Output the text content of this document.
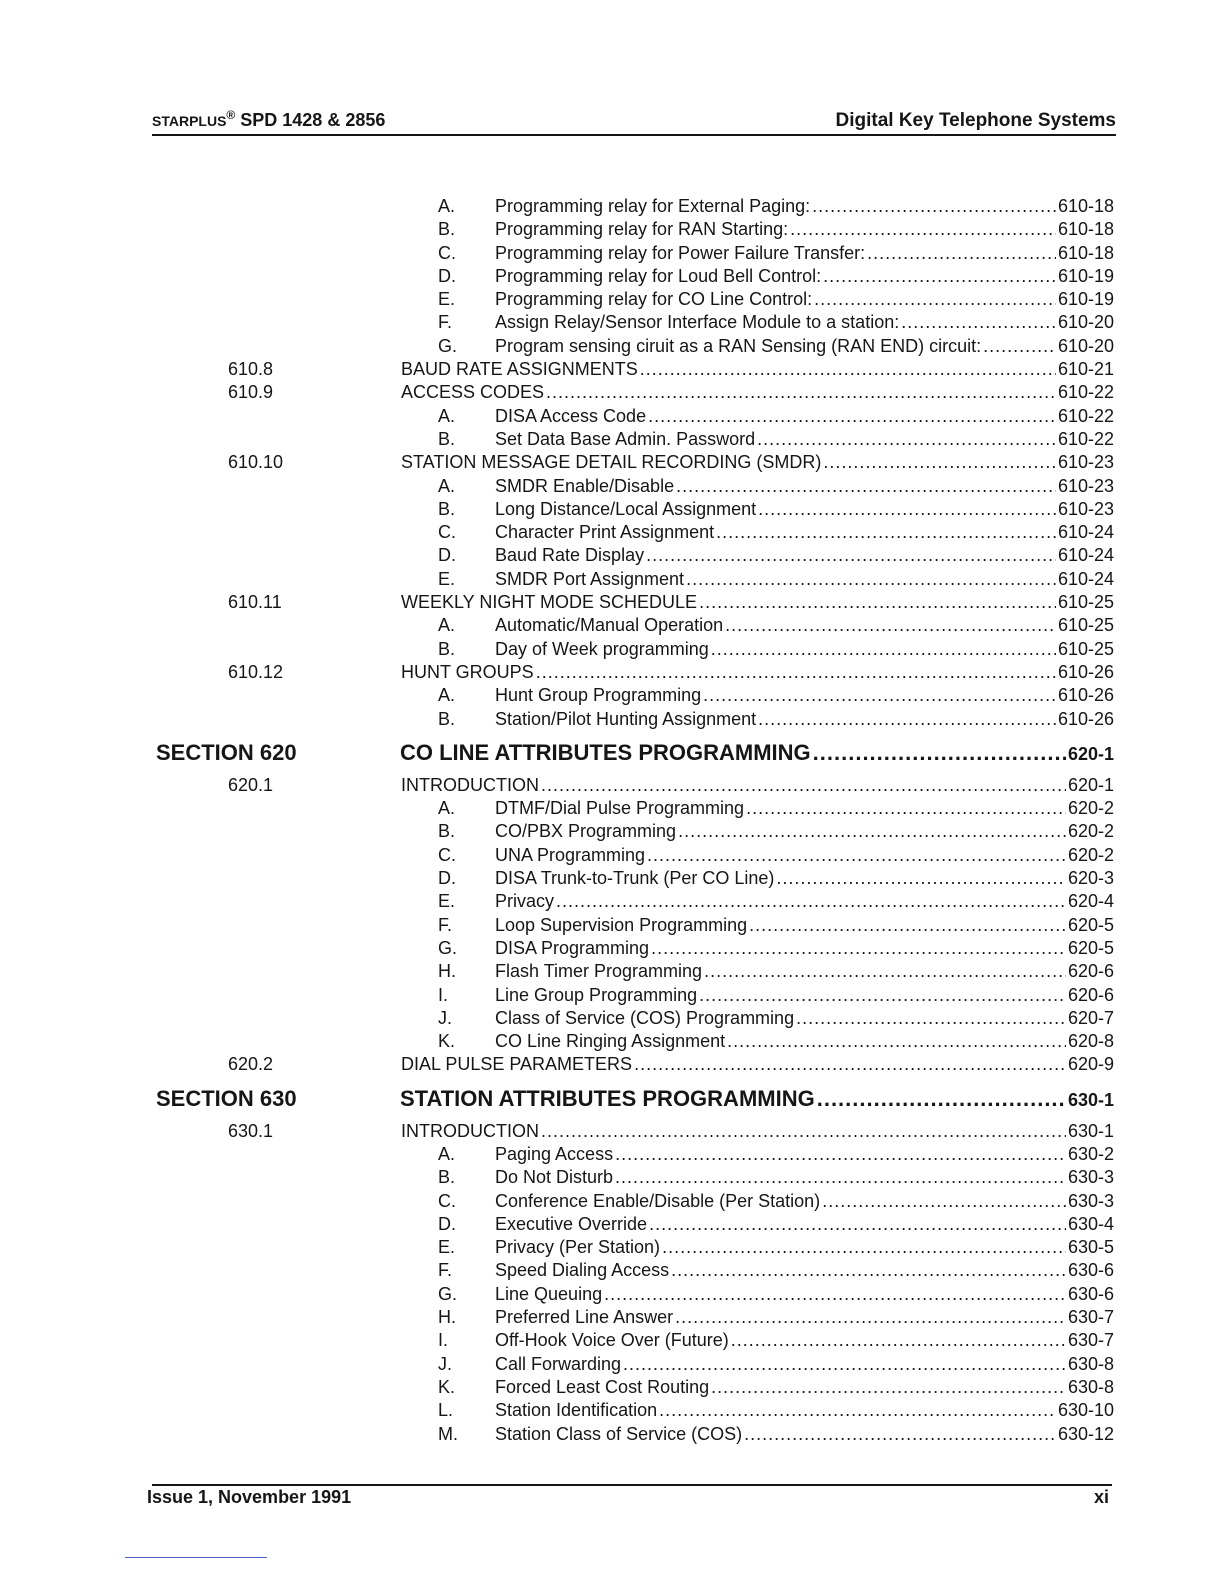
STARPLUS® SPD 1428 & 2856	Digital Key Telephone Systems
A. Programming relay for External Paging: .....	610-18
B. Programming relay for RAN Starting: .....	610-18
C. Programming relay for Power Failure Transfer: .....	610-18
D. Programming relay for Loud Bell Control: .....	610-19
E. Programming relay for CO Line Control: .....	610-19
F. Assign Relay/Sensor Interface Module to a station: .....	610-20
G. Program sensing ciruit as a RAN Sensing (RAN END) circuit: .....	610-20
610.8	BAUD RATE ASSIGNMENTS .....	610-21
610.9	ACCESS CODES .....	610-22
A. DISA Access Code .....	610-22
B. Set Data Base Admin. Password .....	610-22
610.10	STATION MESSAGE DETAIL RECORDING (SMDR) .....	610-23
A. SMDR Enable/Disable .....	610-23
B. Long Distance/Local Assignment .....	610-23
C. Character Print Assignment .....	610-24
D. Baud Rate Display .....	610-24
E. SMDR Port Assignment .....	610-24
610.11	WEEKLY NIGHT MODE SCHEDULE .....	610-25
A. Automatic/Manual Operation .....	610-25
B. Day of Week programming .....	610-25
610.12	HUNT GROUPS .....	610-26
A. Hunt Group Programming .....	610-26
B. Station/Pilot Hunting Assignment .....	610-26
SECTION 620	CO LINE ATTRIBUTES PROGRAMMING .....	620-1
620.1	INTRODUCTION .....	620-1
A. DTMF/Dial Pulse Programming .....	620-2
B. CO/PBX Programming .....	620-2
C. UNA Programming .....	620-2
D. DISA Trunk-to-Trunk (Per CO Line) .....	620-3
E. Privacy .....	620-4
F. Loop Supervision Programming .....	620-5
G. DISA Programming .....	620-5
H. Flash Timer Programming .....	620-6
I.	Line Group Programming .....	620-6
J. Class of Service (COS) Programming .....	620-7
K. CO Line Ringing Assignment .....	620-8
620.2	DIAL PULSE PARAMETERS .....	620-9
SECTION 630	STATION ATTRIBUTES PROGRAMMING .....	630-1
630.1	INTRODUCTION .....	630-1
A. Paging Access .....	630-2
B. Do Not Disturb .....	630-3
C. Conference Enable/Disable (Per Station) .....	630-3
D. Executive Override .....	630-4
E. Privacy (Per Station) .....	630-5
F. Speed Dialing Access .....	630-6
G. Line Queuing .....	630-6
H. Preferred Line Answer .....	630-7
I.	Off-Hook Voice Over (Future) .....	630-7
J. Call Forwarding .....	630-8
K. Forced Least Cost Routing .....	630-8
L. Station Identification .....	630-10
M. Station Class of Service (COS) .....	630-12
Issue 1, November 1991	xi
